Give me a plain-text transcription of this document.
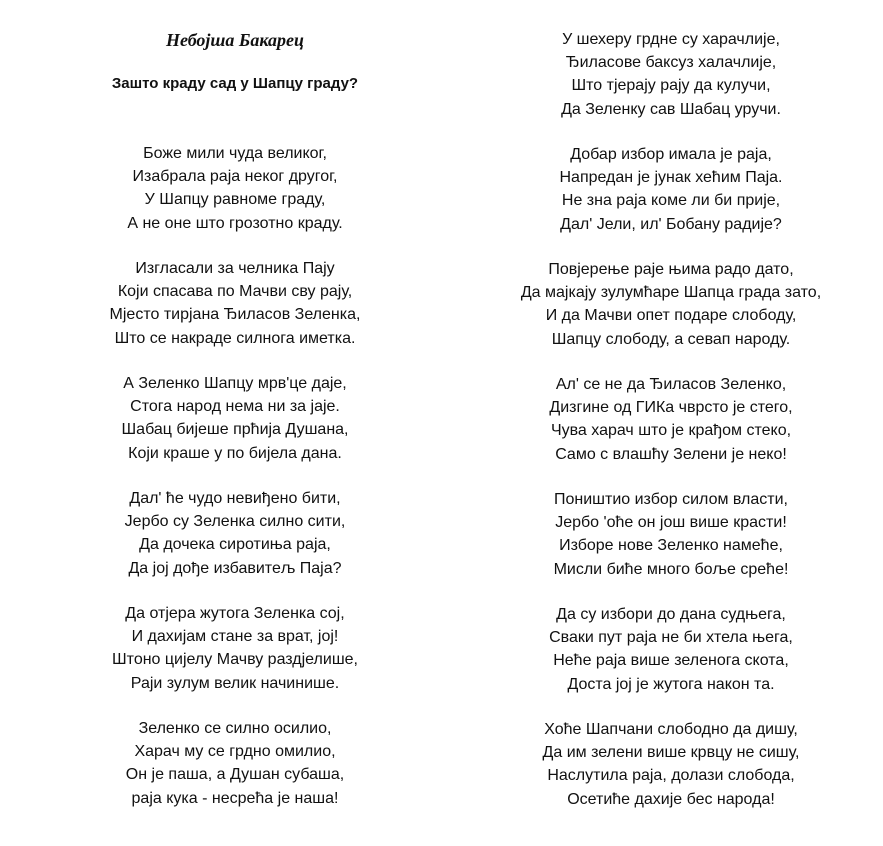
Небојша Бакарец

Зашто краду сад у Шапцу граду?

Боже мили чуда великог,

Изабрала раја неког другог,

У Шапцу равноме граду,

А не оне што грозотно краду.

Изгласали за челника Пају

Који спасава по Мачви сву рају,

Мјесто тирјана Ђиласов Зеленка,

Што се накраде силнога иметка.

А Зеленко Шапцу мрв'це даје,

Стога народ нема ни за јаје.

Шабац бијеше прћија Душана,

Који краше у по бијела дана.

Дал' ће чудо невиђено бити,

Јербо су Зеленка силно сити,

Да дочека сиротиња раја,

Да јој дође избавитељ Паја?

Да отјера жутога Зеленка сој,

И дахијам стане за врат, јој!

Штоно цијелу Мачву раздјелише,

Раји зулум велик начинише.

Зеленко се силно осилио,

Харач му се грдно омилио,

Он је паша, а Душан субаша,

раја кука - несрећа је наша!

У шехеру грдне су харачлије,

Ђиласове баксуз халачлије,

Што тјерају рају да кулучи,

Да Зеленку сав Шабац уручи.

Добар избор имала је раја,

Напредан је јунак хећим Паја.

Не зна раја коме ли би прије,

Дал' Јели, ил' Бобану радије?

Повјерење раје њима радо дато,

Да мајкају зулумћаре Шапца града зато,

И да Мачви опет подаре слободу,

Шапцу слободу, а севап народу.

Ал' се не да Ђиласов Зеленко,

Дизгине од ГИКа чврсто је стего,

Чува харач што је крађом стеко,

Само с влашћу Зелени је неко!

Поништио избор силом власти,

Јербо 'оће он још више красти!

Изборе нове Зеленко намеће,

Мисли биће много боље среће!

Да су избори до дана судњега,

Сваки пут раја не би хтела њега,

Неће раја више зеленога скота,

Доста јој је жутога након та.

Хоће Шапчани слободно да дишу,

Да им зелени више крвцу не сишу,

Наслутила раја, долази слобода,

Осетиће дахије бес народа!
